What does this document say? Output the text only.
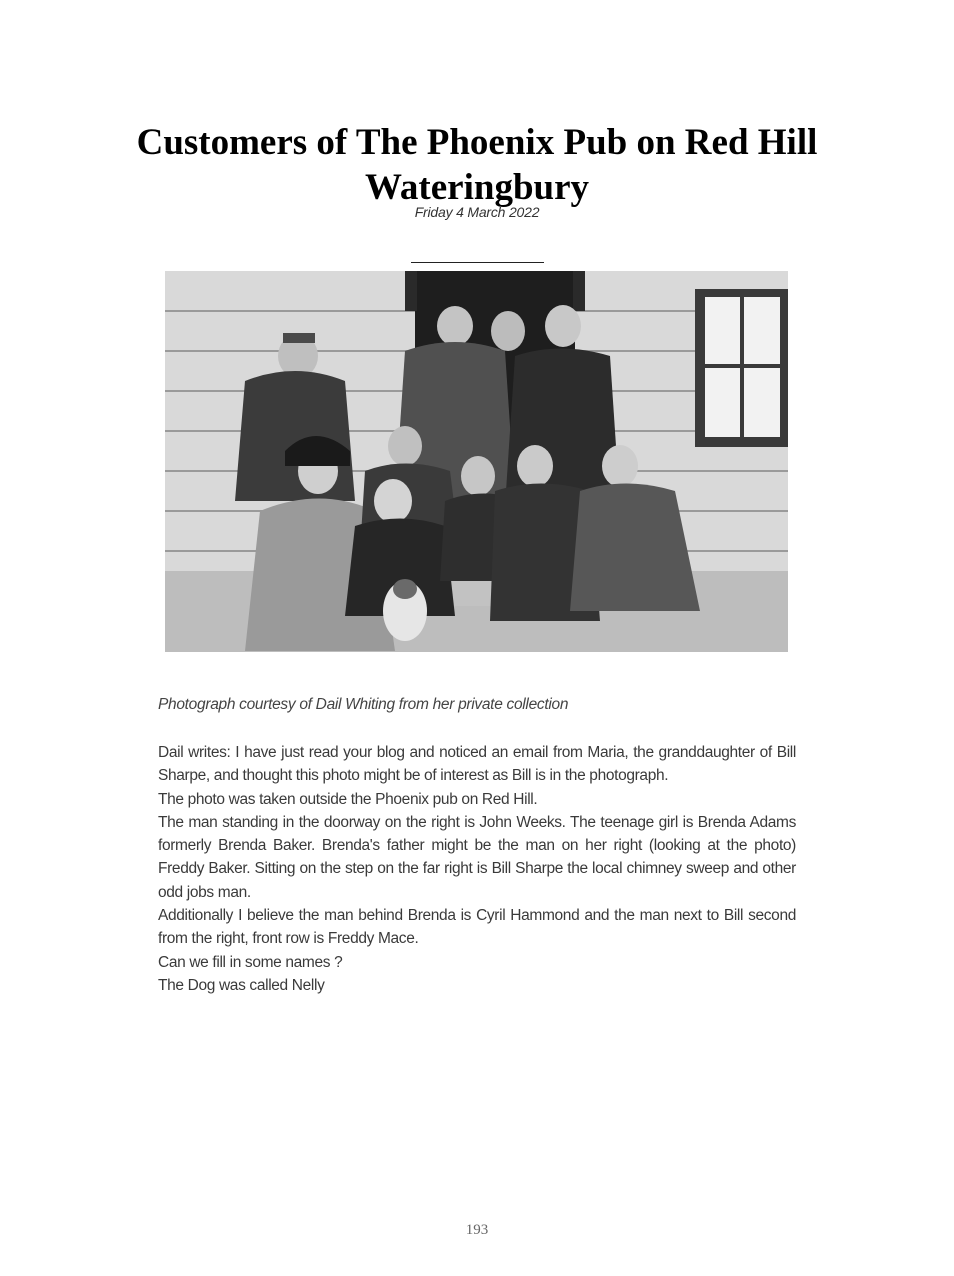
Customers of The Phoenix Pub on Red Hill Wateringbury
Friday 4 March 2022
Photograph courtesy of Dail Whiting from her private collection

Dail writes: I have just read your blog and noticed an email from Maria, the granddaughter of Bill Sharpe, and thought this photo might be of interest as Bill is in the photograph.

The photo was taken outside the Phoenix pub on Red Hill.

The man standing in the doorway on the right is John Weeks. The teenage girl is Brenda Adams formerly Brenda Baker. Brenda's father might be the man on her right (looking at the photo) Freddy Baker. Sitting on the step on the far right is Bill Sharpe the local chimney sweep and other odd jobs man.

Additionally I believe the man behind Brenda is Cyril Hammond and the man next to Bill second from the right, front row is Freddy Mace.

Can we fill in some names ?

The Dog was called Nelly

193
